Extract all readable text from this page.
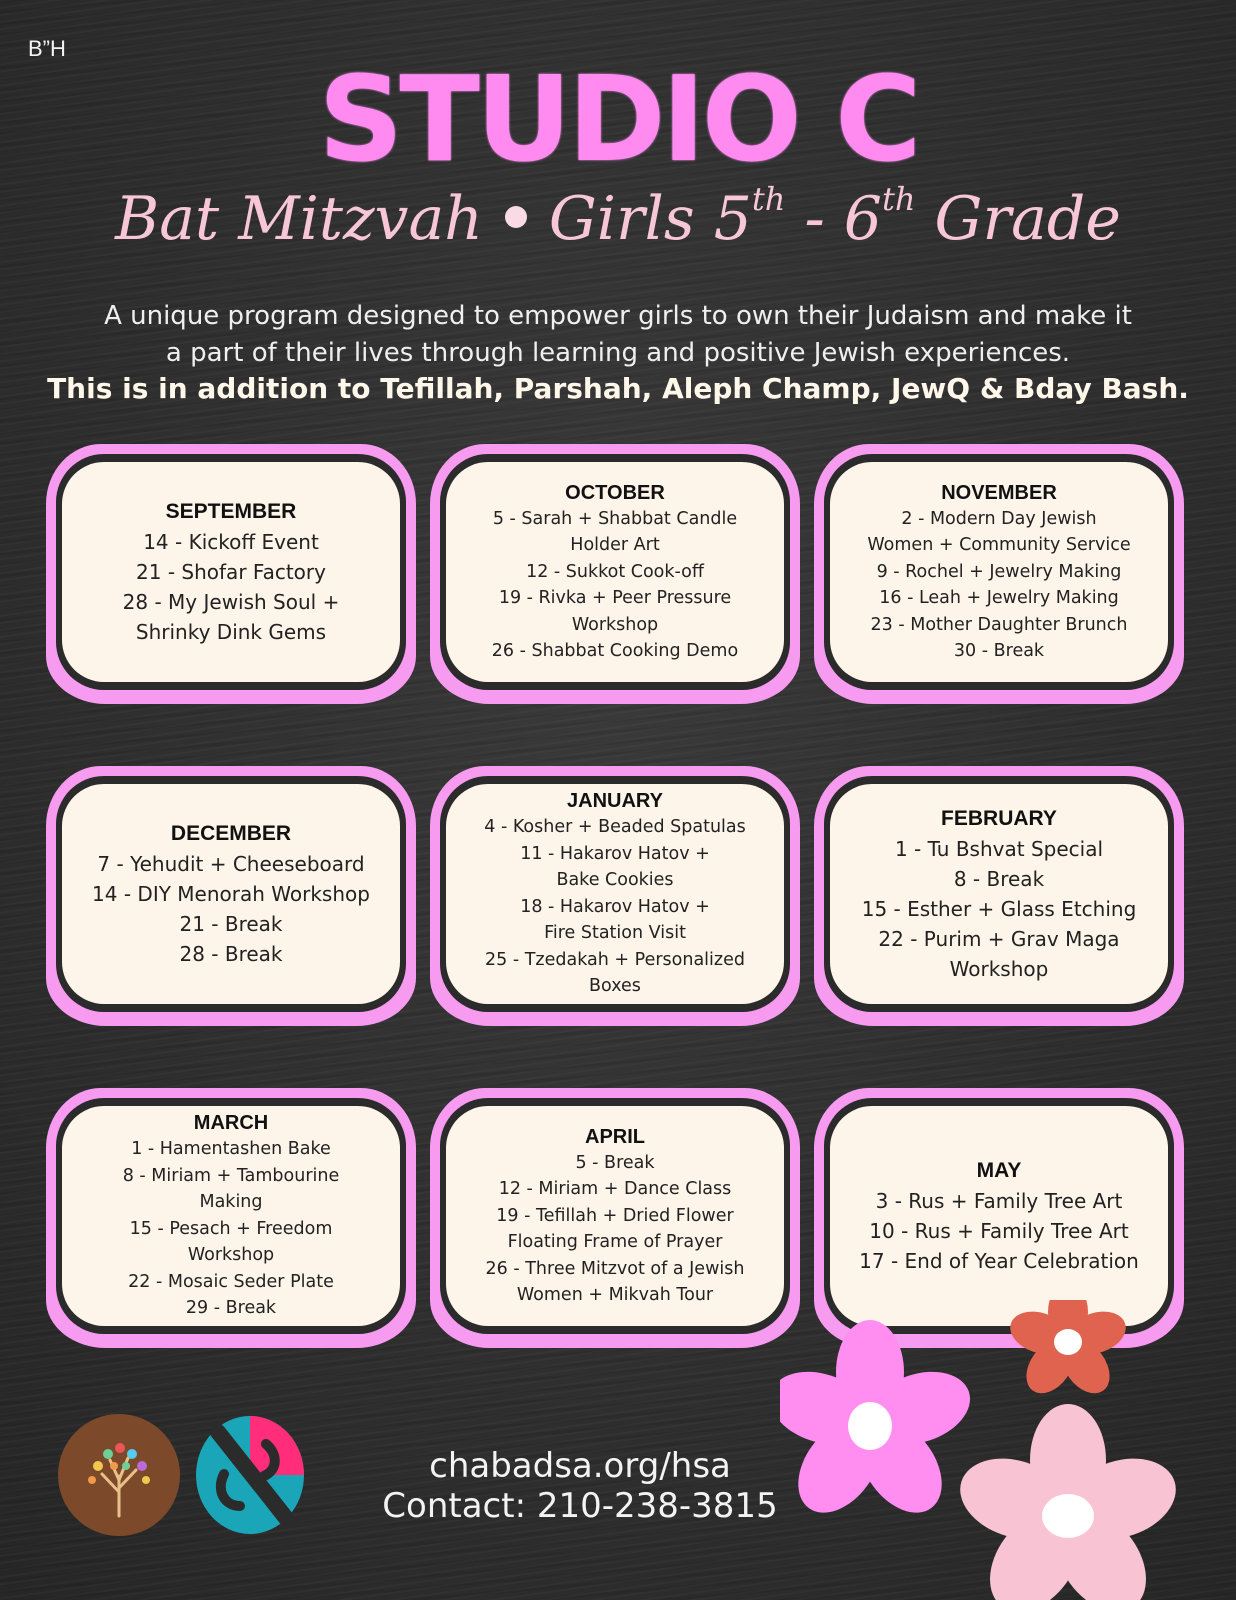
B”H
STUDIO C
Bat Mitzvah Girls 5th - 6th Grade
A unique program designed to empower girls to own their Judaism and make it
a part of their lives through learning and positive Jewish experiences.
This is in addition to Tefillah, Parshah, Aleph Champ, JewQ & Bday Bash.
SEPTEMBER
14 - Kickoff Event
21 - Shofar Factory
28 - My Jewish Soul +
Shrinky Dink Gems
OCTOBER
5 - Sarah + Shabbat Candle
Holder Art
12 - Sukkot Cook-off
19 - Rivka + Peer Pressure
Workshop
26 - Shabbat Cooking Demo
NOVEMBER
2 - Modern Day Jewish
Women + Community Service
9 - Rochel + Jewelry Making
16 - Leah + Jewelry Making
23 - Mother Daughter Brunch
30 - Break
DECEMBER
7 - Yehudit + Cheeseboard
14 - DIY Menorah Workshop
21 - Break
28 - Break
JANUARY
4 - Kosher + Beaded Spatulas
11 - Hakarov Hatov +
Bake Cookies
18 - Hakarov Hatov +
Fire Station Visit
25 - Tzedakah + Personalized
Boxes
FEBRUARY
1 - Tu Bshvat Special
8 - Break
15 - Esther + Glass Etching
22 - Purim + Grav Maga
Workshop
MARCH
1 - Hamentashen Bake
8 - Miriam + Tambourine
Making
15 - Pesach + Freedom
Workshop
22 - Mosaic Seder Plate
29 - Break
APRIL
5 - Break
12 - Miriam + Dance Class
19 - Tefillah + Dried Flower
Floating Frame of Prayer
26 - Three Mitzvot of a Jewish
Women + Mikvah Tour
MAY
3 - Rus + Family Tree Art
10 - Rus + Family Tree Art
17 - End of Year Celebration
chabadsa.org/hsa
Contact: 210-238-3815
